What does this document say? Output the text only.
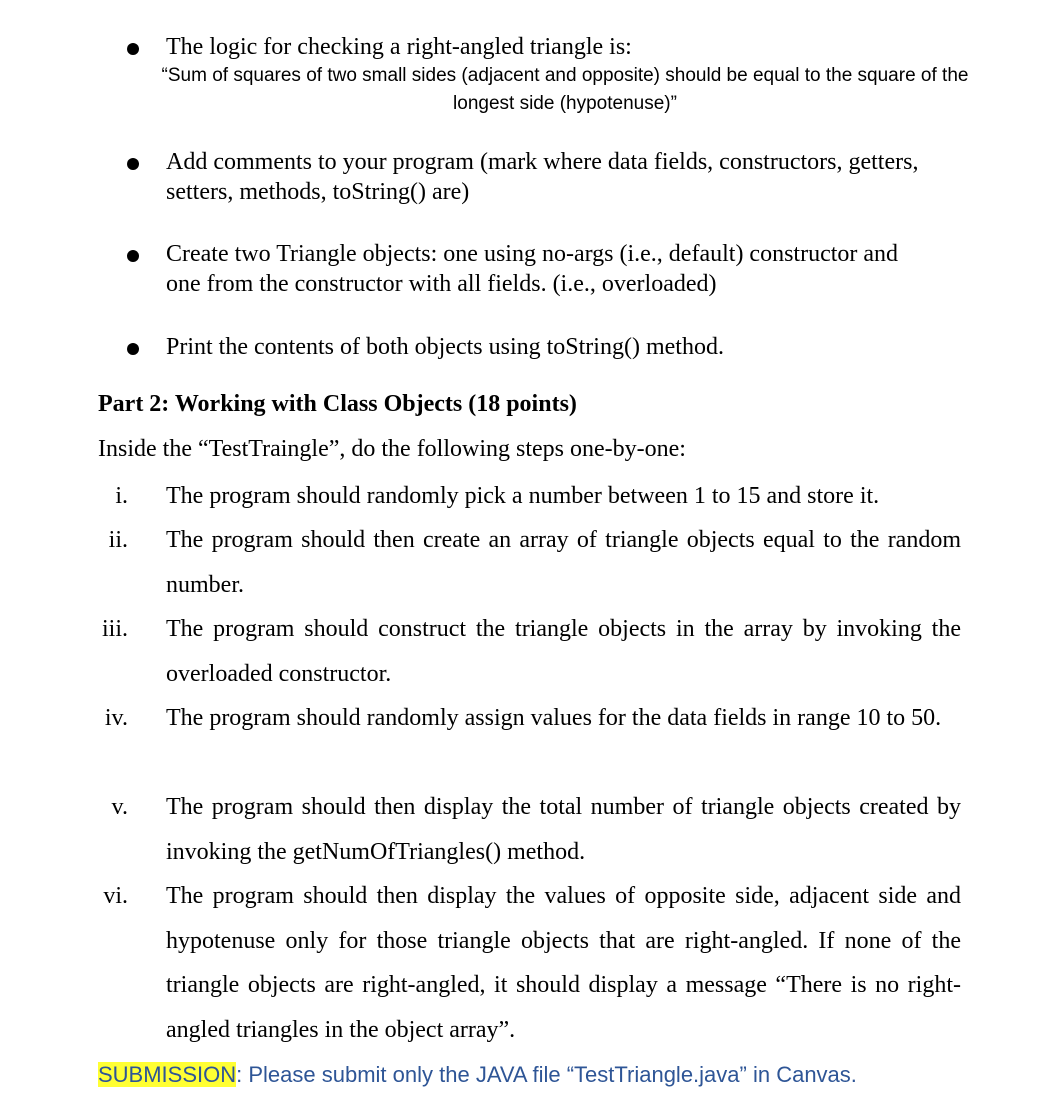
The logic for checking a right-angled triangle is:
“Sum of squares of two small sides (adjacent and opposite) should be equal to the square of the longest side (hypotenuse)”
Add comments to your program (mark where data fields, constructors, getters,
setters, methods, toString() are)
Create two Triangle objects: one using no-args (i.e., default) constructor and
one from the constructor with all fields. (i.e., overloaded)
Print the contents of both objects using toString() method.
Part 2: Working with Class Objects (18 points)
Inside the “TestTraingle”, do the following steps one-by-one:
i. The program should randomly pick a number between 1 to 15 and store it.
ii. The program should then create an array of triangle objects equal to the random number.
iii. The program should construct the triangle objects in the array by invoking the overloaded constructor.
iv. The program should randomly assign values for the data fields in range 10 to 50.
v. The program should then display the total number of triangle objects created by invoking the getNumOfTriangles() method.
vi. The program should then display the values of opposite side, adjacent side and hypotenuse only for those triangle objects that are right-angled. If none of the triangle objects are right-angled, it should display a message “There is no right-angled triangles in the object array”.
SUBMISSION: Please submit only the JAVA file “TestTriangle.java” in Canvas.
